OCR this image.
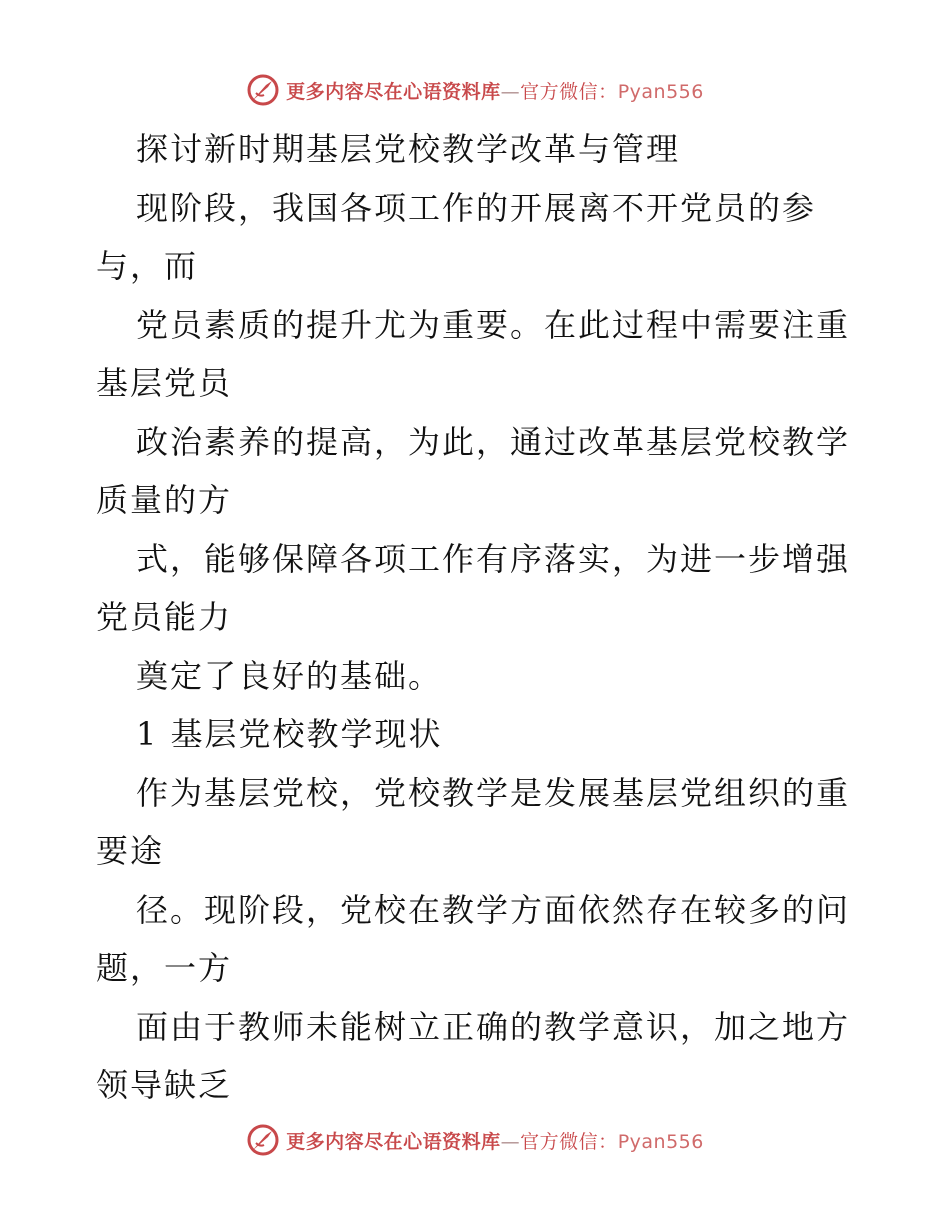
更多内容尽在心语资料库—官方微信：Pyan556
探讨新时期基层党校教学改革与管理
现阶段，我国各项工作的开展离不开党员的参
与，而
党员素质的提升尤为重要。在此过程中需要注重
基层党员
政治素养的提高，为此，通过改革基层党校教学
质量的方
式，能够保障各项工作有序落实，为进一步增强
党员能力
奠定了良好的基础。
1 基层党校教学现状
作为基层党校，党校教学是发展基层党组织的重
要途
径。现阶段，党校在教学方面依然存在较多的问
题，一方
面由于教师未能树立正确的教学意识，加之地方
领导缺乏
更多内容尽在心语资料库—官方微信：Pyan556
